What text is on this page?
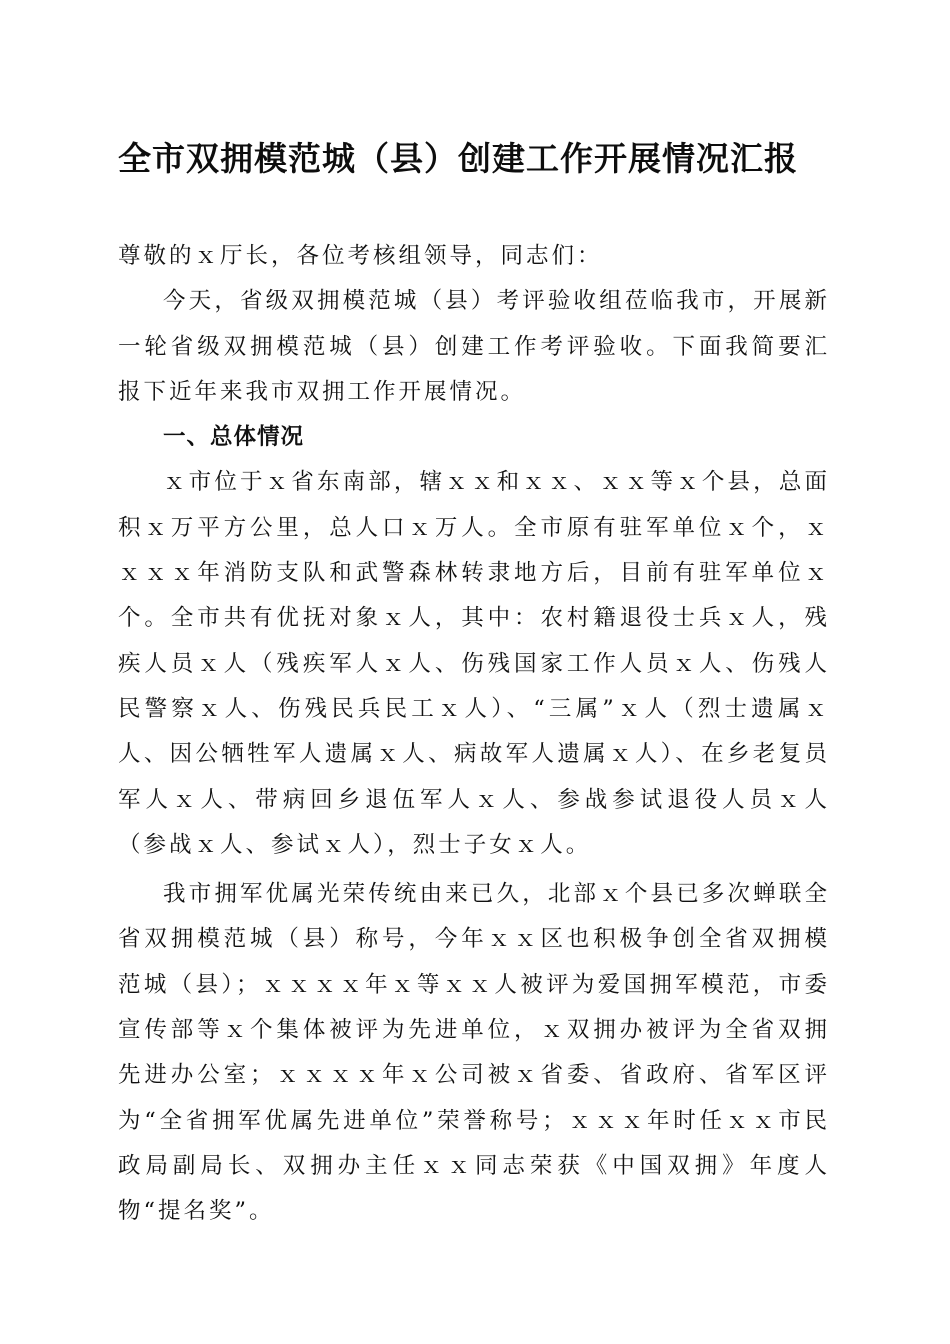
全市双拥模范城（县）创建工作开展情况汇报

尊敬的ｘ厅长，各位考核组领导，同志们：

今天，省级双拥模范城（县）考评验收组莅临我市，开展新一轮省级双拥模范城（县）创建工作考评验收。下面我简要汇报下近年来我市双拥工作开展情况。

一、总体情况

ｘ市位于ｘ省东南部，辖ｘｘ和ｘｘ、ｘｘ等ｘ个县，总面积ｘ万平方公里，总人口ｘ万人。全市原有驻军单位ｘ个，ｘｘｘｘ年消防支队和武警森林转隶地方后，目前有驻军单位ｘ个。全市共有优抚对象ｘ人，其中：农村籍退役士兵ｘ人，残疾人员ｘ人（残疾军人ｘ人、伤残国家工作人员ｘ人、伤残人民警察ｘ人、伤残民兵民工ｘ人）、“三属”ｘ人（烈士遗属ｘ人、因公牺牲军人遗属ｘ人、病故军人遗属ｘ人）、在乡老复员军人ｘ人、带病回乡退伍军人ｘ人、参战参试退役人员ｘ人（参战ｘ人、参试ｘ人），烈士子女ｘ人。

我市拥军优属光荣传统由来已久，北部ｘ个县已多次蝉联全省双拥模范城（县）称号，今年ｘｘ区也积极争创全省双拥模范城（县）；ｘｘｘｘ年ｘ等ｘｘ人被评为爱国拥军模范，市委宣传部等ｘ个集体被评为先进单位，ｘ双拥办被评为全省双拥先进办公室；ｘｘｘｘ年ｘ公司被ｘ省委、省政府、省军区评为“全省拥军优属先进单位”荣誉称号；ｘｘｘ年时任ｘｘ市民政局副局长、双拥办主任ｘｘ同志荣获《中国双拥》年度人物“提名奖”。
